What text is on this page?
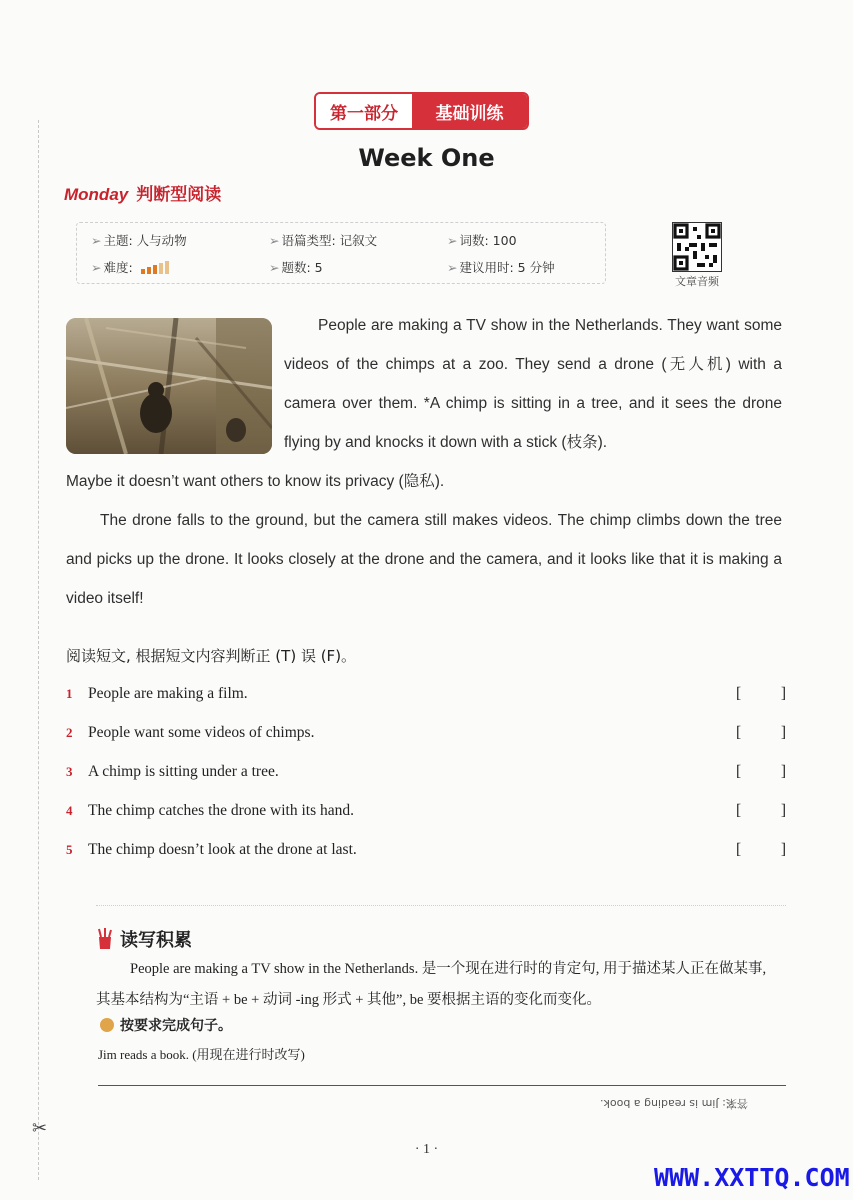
✂
第一部分	基础训练
Week One
Monday 判断型阅读
➢ 主题: 人与动物	➢ 语篇类型: 记叙文	➢ 词数: 100
➢ 难度:	➢ 题数: 5	➢ 建议用时: 5 分钟
文章音频

People are making a TV show in the Netherlands. They want some videos of the chimps at a zoo. They send a drone (无人机) with a camera over them. *A chimp is sitting in a tree, and it sees the drone flying by and knocks it down with a stick (枝条).

Maybe it doesn’t want others to know its privacy (隐私).

The drone falls to the ground, but the camera still makes videos. The chimp climbs down the tree and picks up the drone. It looks closely at the drone and the camera, and it looks like that it is making a video itself!

阅读短文, 根据短文内容判断正 (T) 误 (F)。
1 People are making a film.	[	]
2 People want some videos of chimps.	[	]
3 A chimp is sitting under a tree.	[	]
4 The chimp catches the drone with its hand.	[	]
5 The chimp doesn’t look at the drone at last.	[	]
读写积累

People are making a TV show in the Netherlands. 是一个现在进行时的肯定句, 用于描述某人正在做某事, 其基本结构为“主语 + be + 动词 -ing 形式 + 其他”, be 要根据主语的变化而变化。

按要求完成句子。
Jim reads a book. (用现在进行时改写)
答案: Jim is reading a book.
· 1 ·
WWW.XXTTQ.COM
